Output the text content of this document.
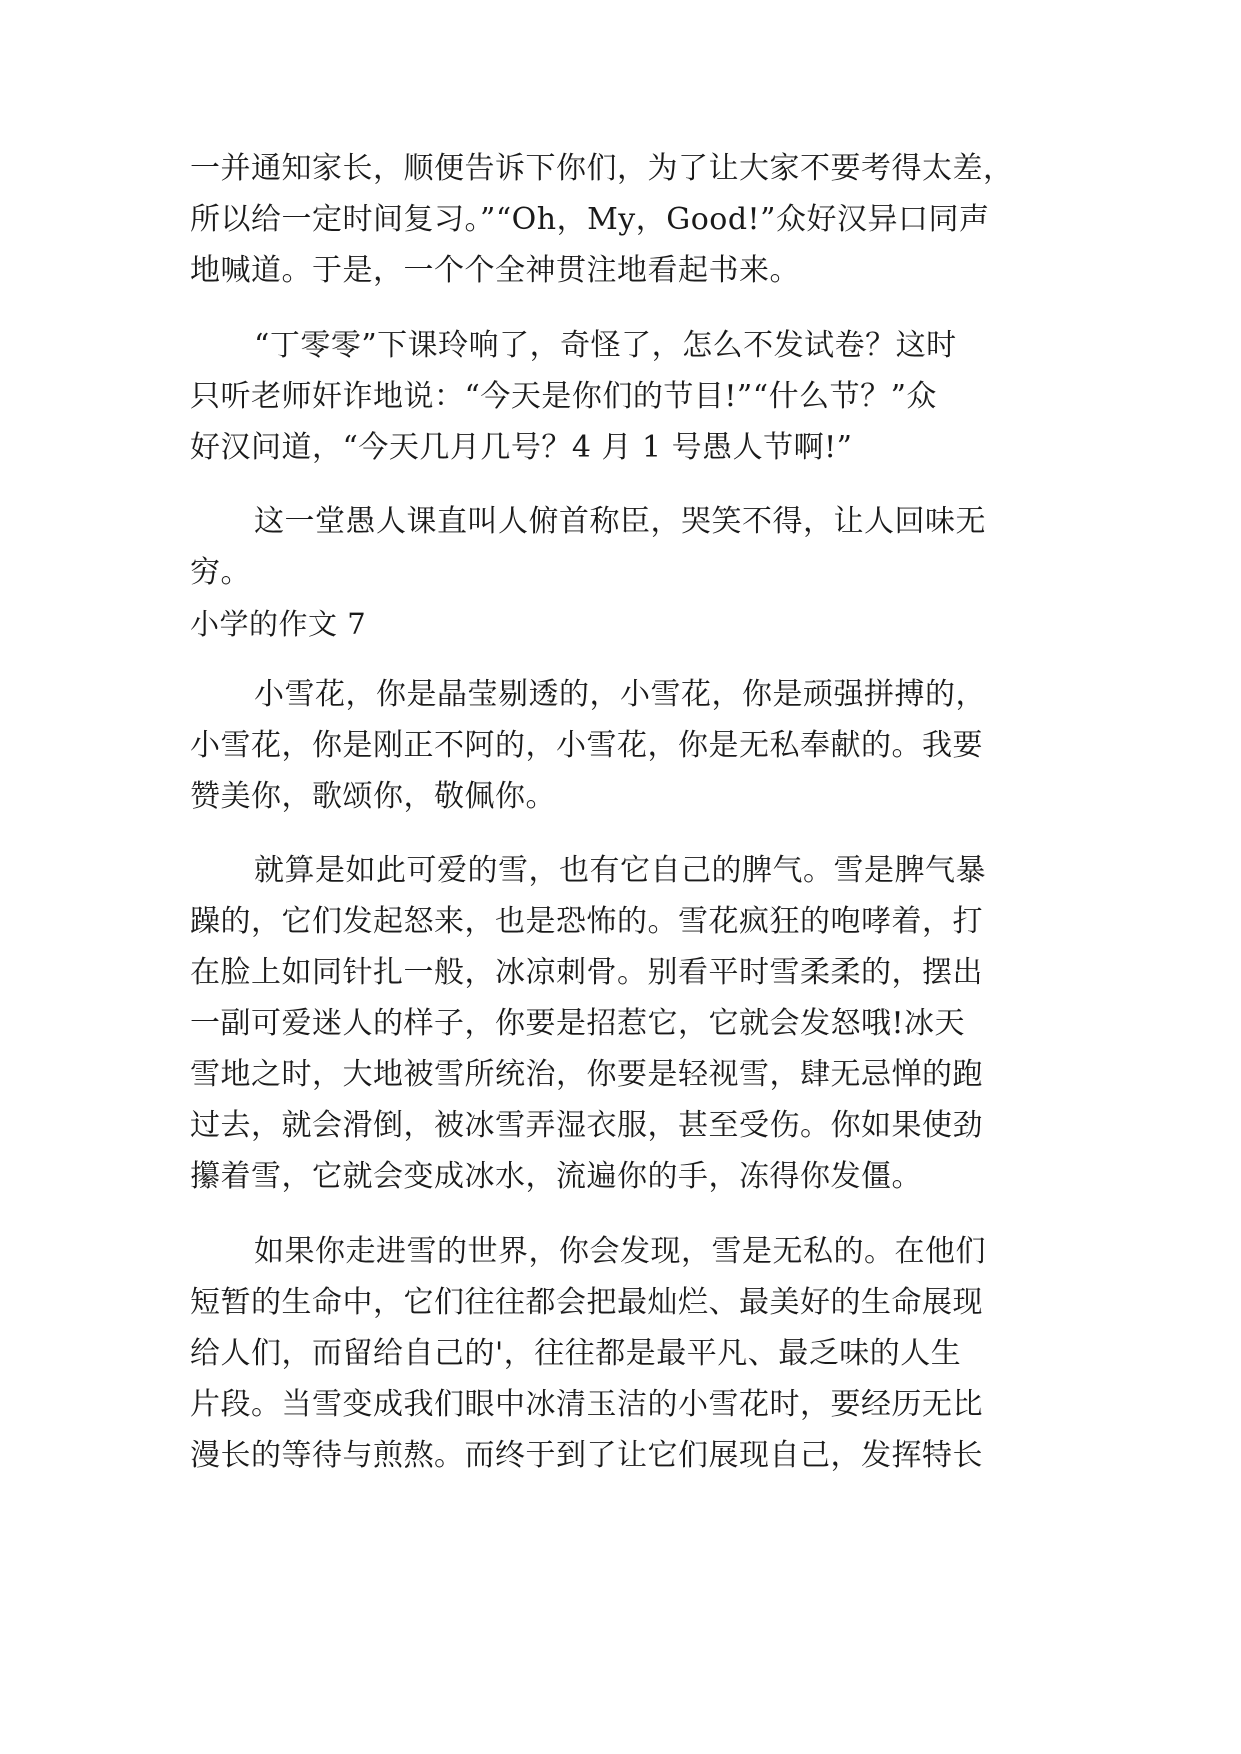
一并通知家长，顺便告诉下你们，为了让大家不要考得太差，
所以给一定时间复习。”“Oh，My，Good!”众好汉异口同声
地喊道。于是，一个个全神贯注地看起书来。
“丁零零”下课玲响了，奇怪了，怎么不发试卷？这时
只听老师奸诈地说：“今天是你们的节目!”“什么节？”众
好汉问道，“今天几月几号？4 月 1 号愚人节啊!”
这一堂愚人课直叫人俯首称臣，哭笑不得，让人回味无
穷。
小学的作文 7
小雪花，你是晶莹剔透的，小雪花，你是顽强拼搏的，
小雪花，你是刚正不阿的，小雪花，你是无私奉献的。我要
赞美你，歌颂你，敬佩你。
就算是如此可爱的雪，也有它自己的脾气。雪是脾气暴
躁的，它们发起怒来，也是恐怖的。雪花疯狂的咆哮着，打
在脸上如同针扎一般，冰凉刺骨。别看平时雪柔柔的，摆出
一副可爱迷人的样子，你要是招惹它，它就会发怒哦!冰天
雪地之时，大地被雪所统治，你要是轻视雪，肆无忌惮的跑
过去，就会滑倒，被冰雪弄湿衣服，甚至受伤。你如果使劲
攥着雪，它就会变成冰水，流遍你的手，冻得你发僵。
如果你走进雪的世界，你会发现，雪是无私的。在他们
短暂的生命中，它们往往都会把最灿烂、最美好的生命展现
给人们，而留给自己的'，往往都是最平凡、最乏味的人生
片段。当雪变成我们眼中冰清玉洁的小雪花时，要经历无比
漫长的等待与煎熬。而终于到了让它们展现自己，发挥特长
